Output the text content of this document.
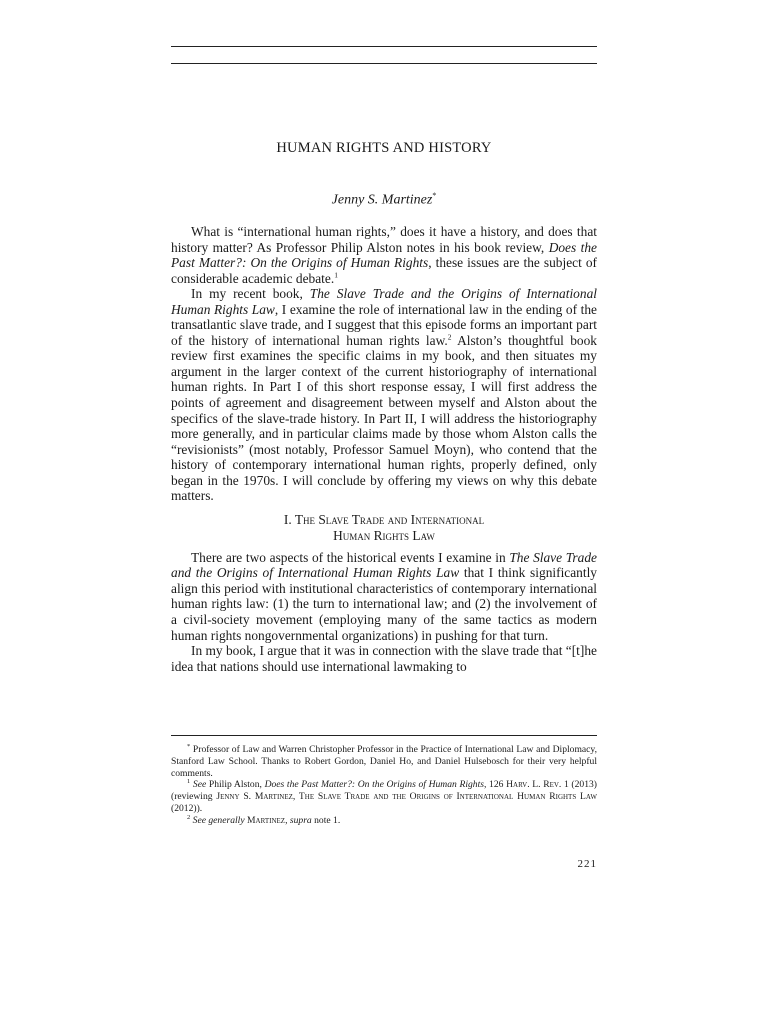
HUMAN RIGHTS AND HISTORY
Jenny S. Martinez*

What is “international human rights,” does it have a history, and does that history matter? As Professor Philip Alston notes in his book review, Does the Past Matter?: On the Origins of Human Rights, these issues are the subject of considerable academic debate.$^1$

In my recent book, The Slave Trade and the Origins of International Human Rights Law, I examine the role of international law in the ending of the transatlantic slave trade, and I suggest that this episode forms an important part of the history of international human rights law.$^2$ Alston’s thoughtful book review first examines the specific claims in my book, and then situates my argument in the larger context of the current historiography of international human rights. In Part I of this short response essay, I will first address the points of agreement and disagreement between myself and Alston about the specifics of the slave-trade history. In Part II, I will address the historiography more generally, and in particular claims made by those whom Alston calls the “revisionists” (most notably, Professor Samuel Moyn), who contend that the history of contemporary international human rights, properly defined, only began in the 1970s. I will conclude by offering my views on why this debate matters.

I. The Slave Trade and International
Human Rights Law

There are two aspects of the historical events I examine in The Slave Trade and the Origins of International Human Rights Law that I think significantly align this period with institutional characteristics of contemporary international human rights law: (1) the turn to international law; and (2) the involvement of a civil-society movement (employing many of the same tactics as modern human rights nongovernmental organizations) in pushing for that turn.

In my book, I argue that it was in connection with the slave trade that “[t]he idea that nations should use international lawmaking to

* Professor of Law and Warren Christopher Professor in the Practice of International Law and Diplomacy, Stanford Law School. Thanks to Robert Gordon, Daniel Ho, and Daniel Hulsebosch for their very helpful comments.

$^1$ See Philip Alston, Does the Past Matter?: On the Origins of Human Rights, 126 Harv. L. Rev. 1 (2013) (reviewing Jenny S. Martinez, The Slave Trade and the Origins of International Human Rights Law (2012)).

$^2$ See generally Martinez, supra note 1.

221
